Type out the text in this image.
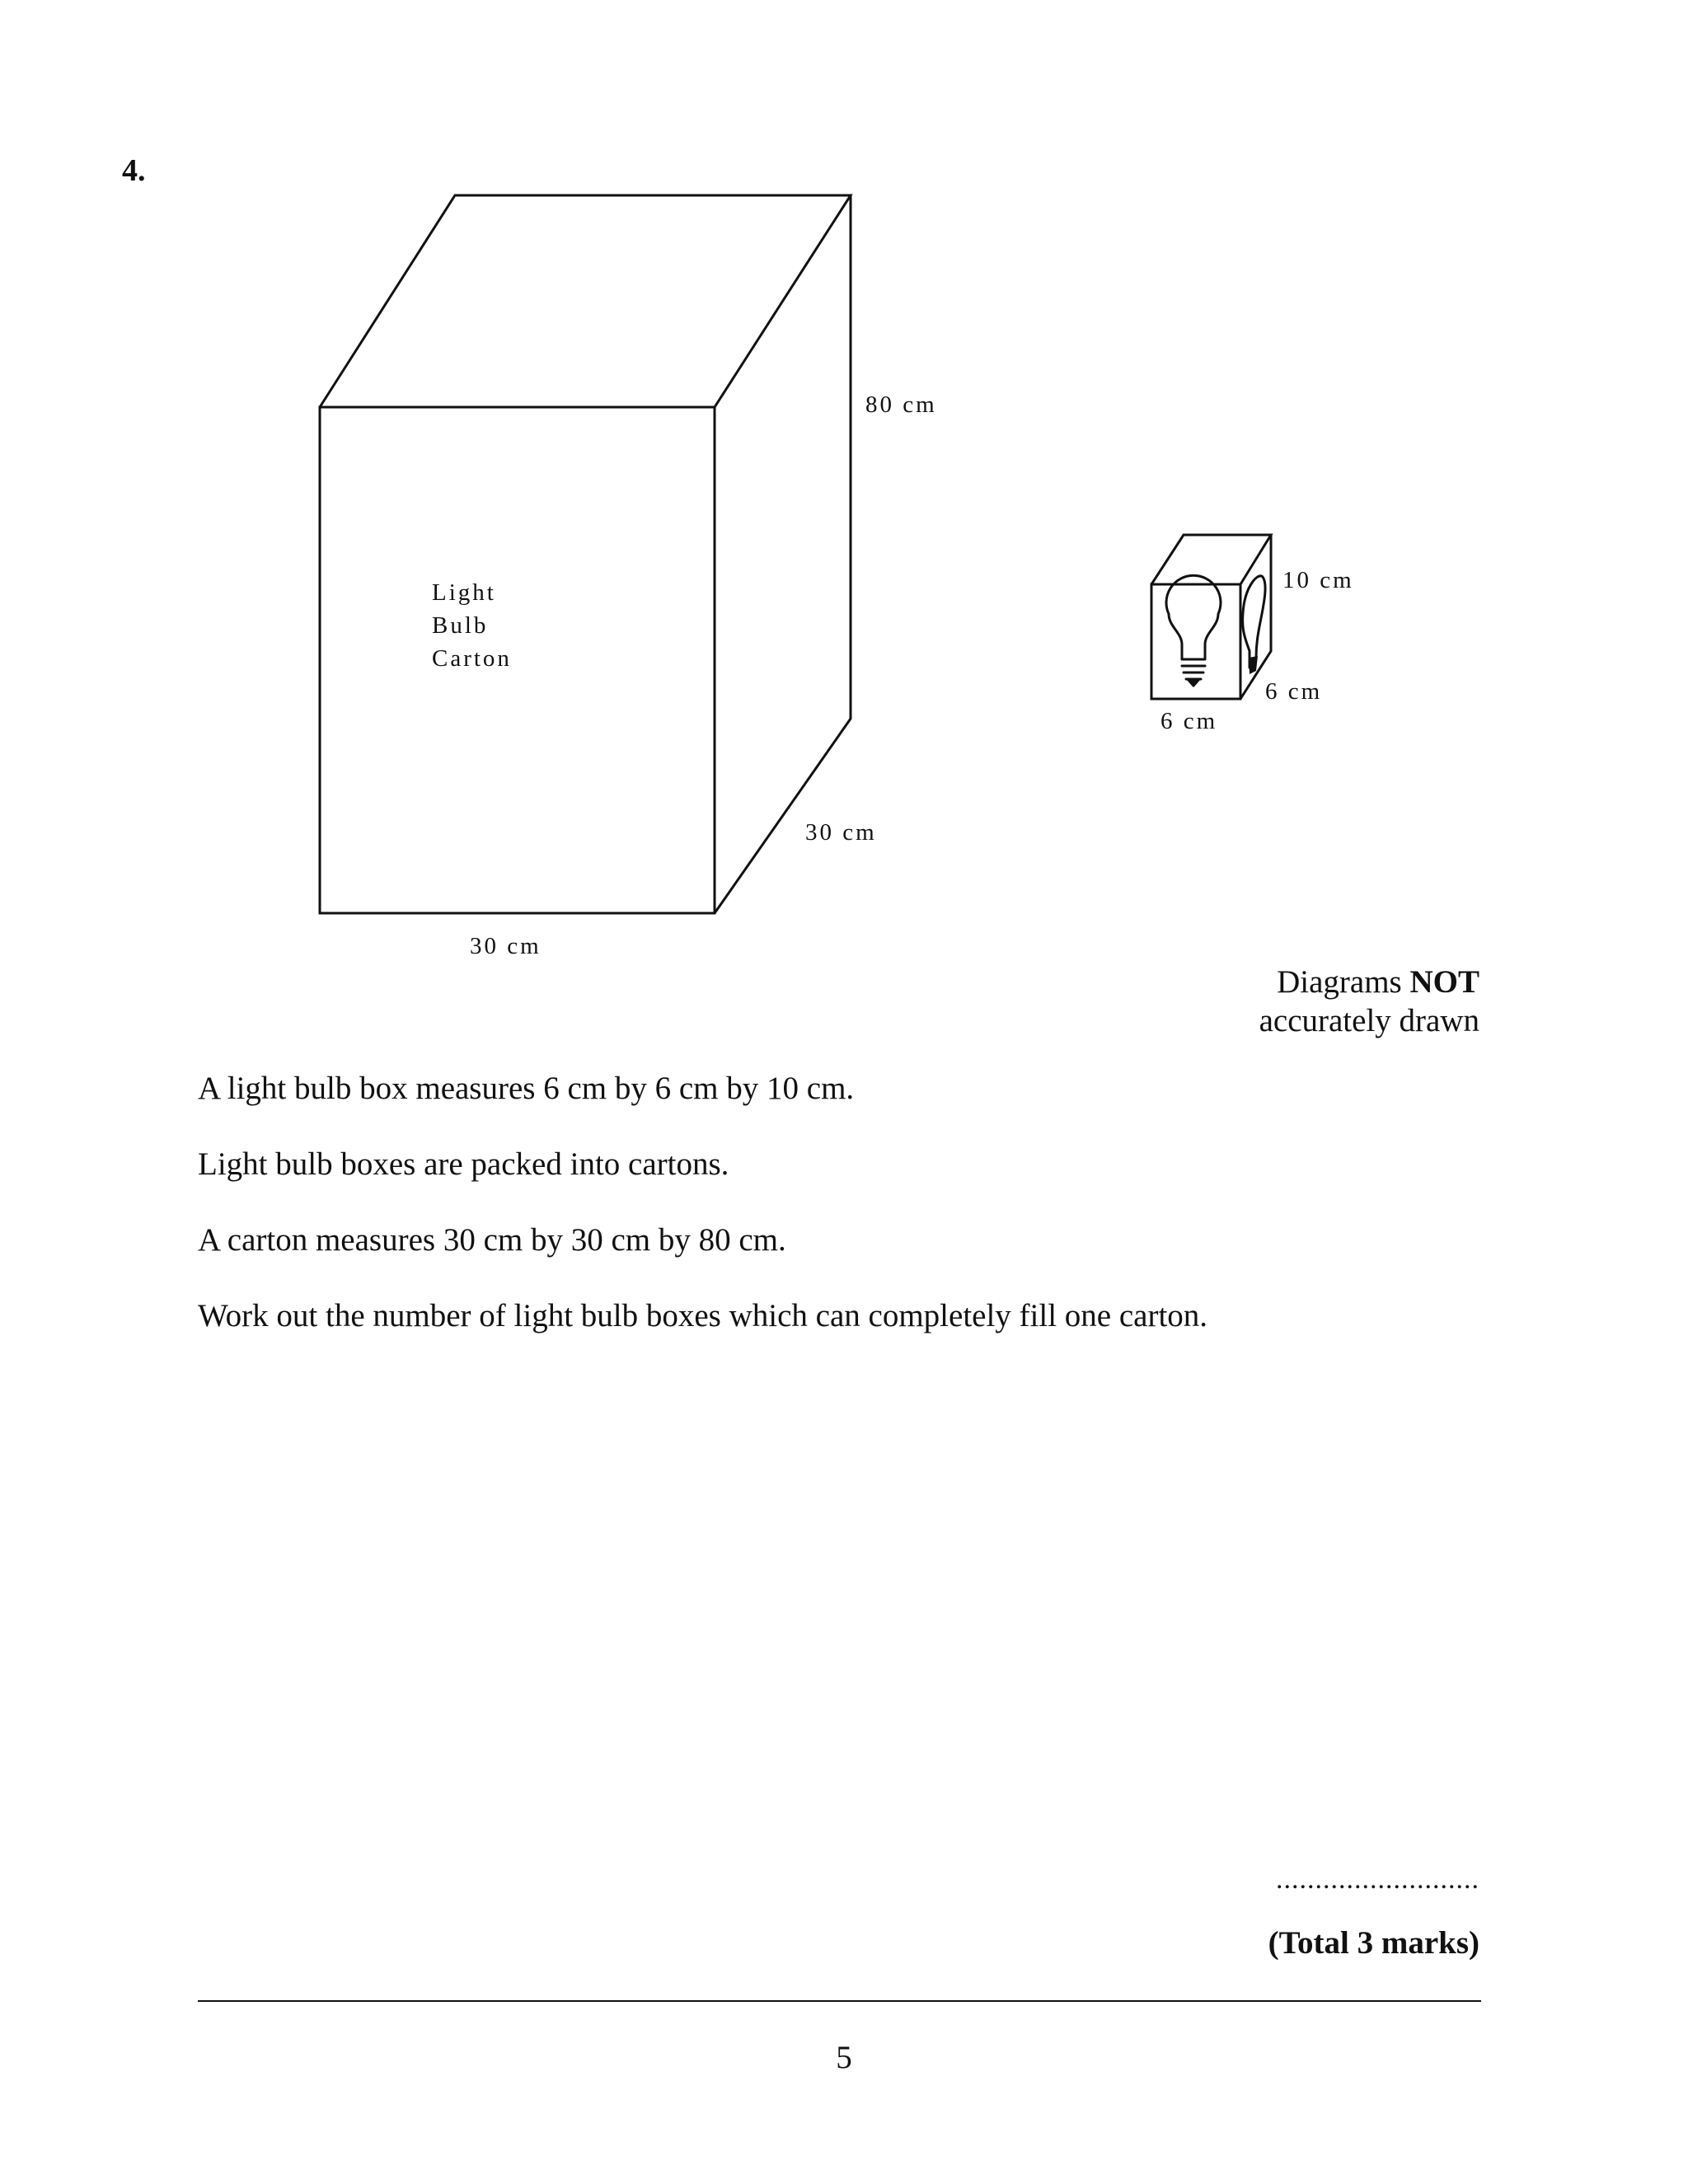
4.
Light
Bulb
Carton
80 cm
30 cm
30 cm
10 cm
6 cm
6 cm
Diagrams NOT
accurately drawn

A light bulb box measures 6 cm by 6 cm by 10 cm.

Light bulb boxes are packed into cartons.

A carton measures 30 cm by 30 cm by 80 cm.

Work out the number of light bulb boxes which can completely fill one carton.

..........................
(Total 3 marks)
5
